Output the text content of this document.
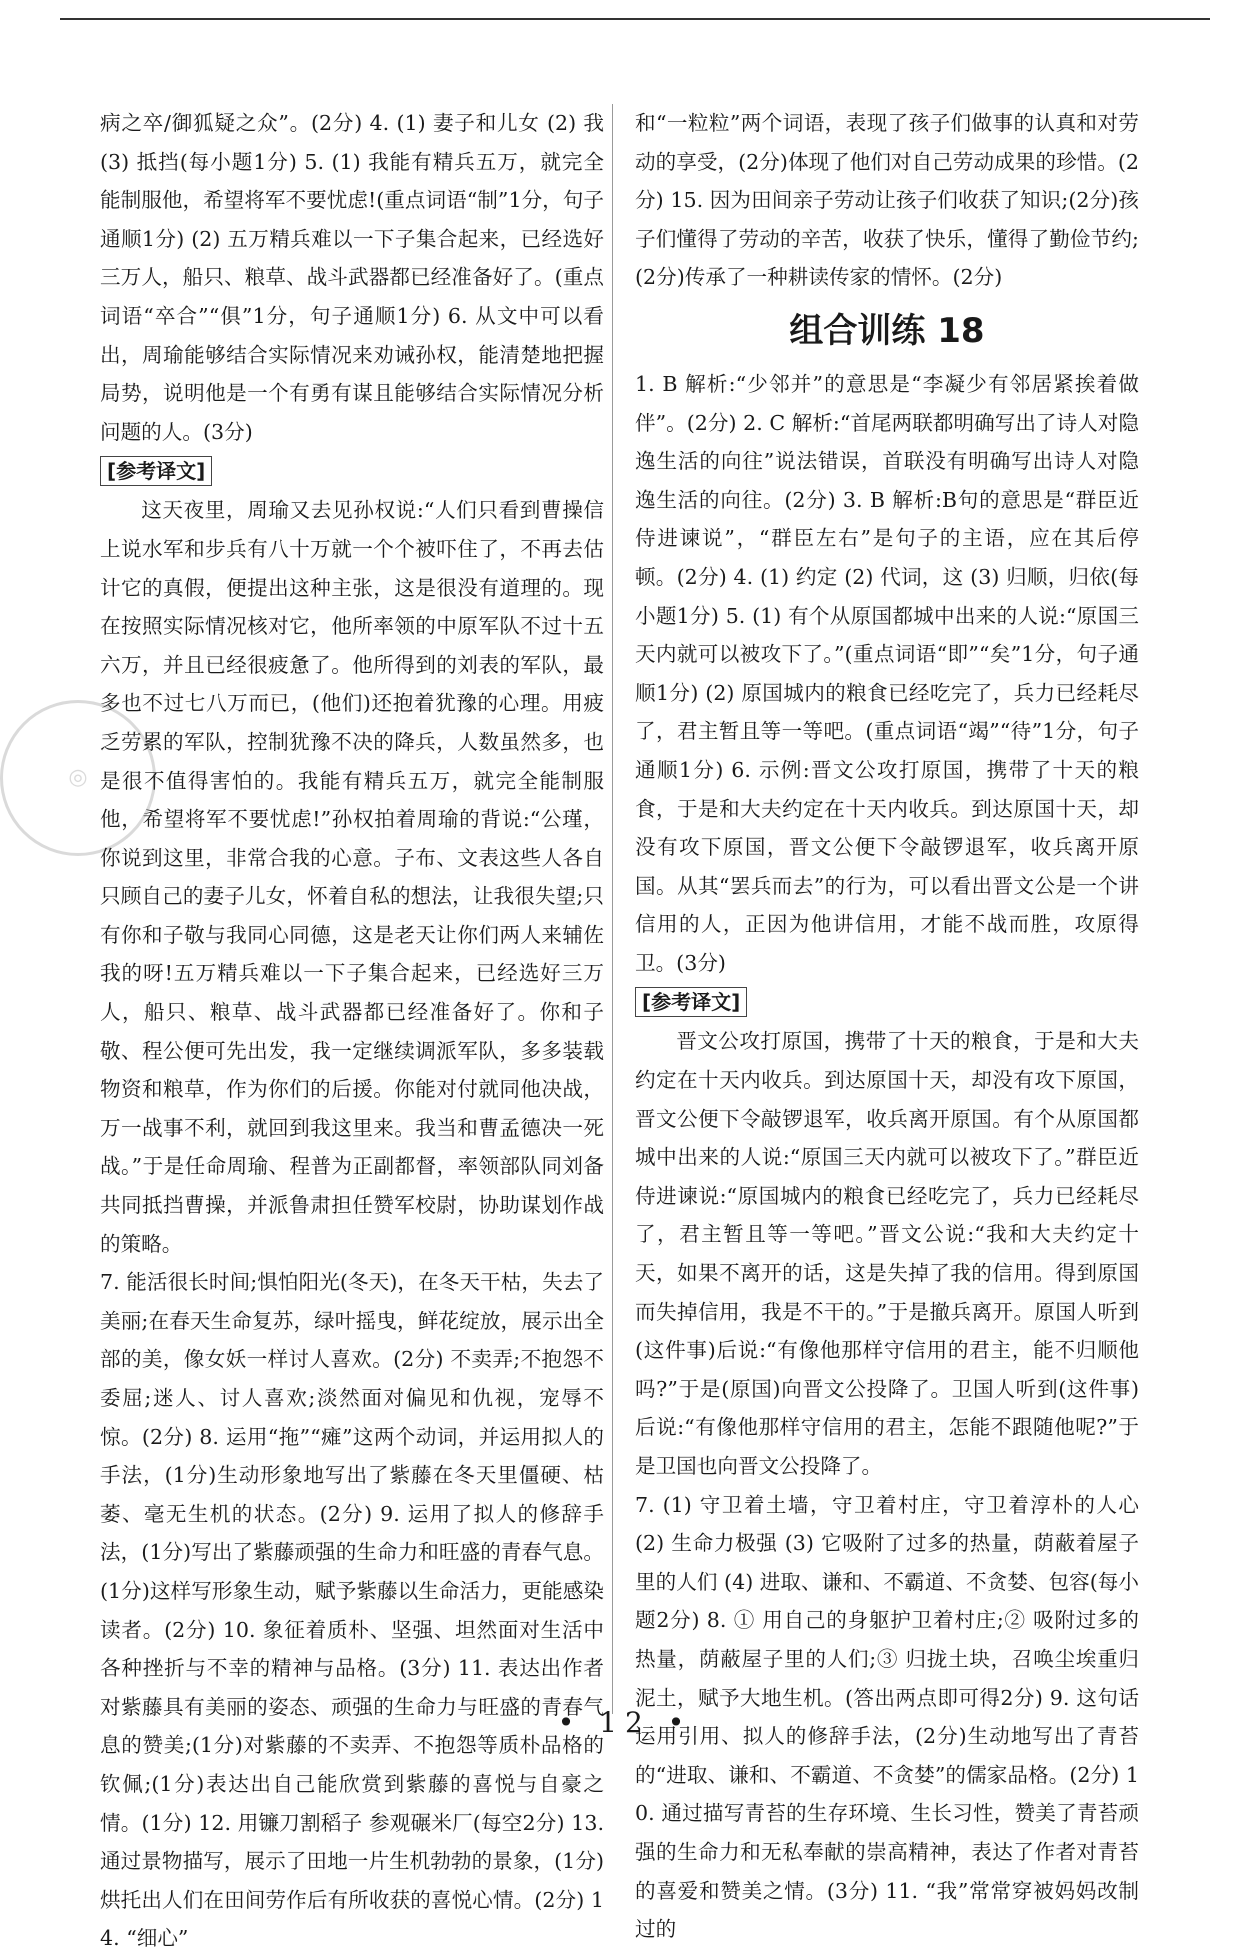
◎

病之卒/御狐疑之众”。(2分) 4. (1) 妻子和儿女 (2) 我 (3) 抵挡(每小题1分) 5. (1) 我能有精兵五万，就完全能制服他，希望将军不要忧虑!(重点词语“制”1分，句子通顺1分) (2) 五万精兵难以一下子集合起来，已经选好三万人，船只、粮草、战斗武器都已经准备好了。(重点词语“卒合”“俱”1分，句子通顺1分) 6. 从文中可以看出，周瑜能够结合实际情况来劝诫孙权，能清楚地把握局势，说明他是一个有勇有谋且能够结合实际情况分析问题的人。(3分)

[参考译文]

这天夜里，周瑜又去见孙权说:“人们只看到曹操信上说水军和步兵有八十万就一个个被吓住了，不再去估计它的真假，便提出这种主张，这是很没有道理的。现在按照实际情况核对它，他所率领的中原军队不过十五六万，并且已经很疲惫了。他所得到的刘表的军队，最多也不过七八万而已，(他们)还抱着犹豫的心理。用疲乏劳累的军队，控制犹豫不决的降兵，人数虽然多，也是很不值得害怕的。我能有精兵五万，就完全能制服他，希望将军不要忧虑!”孙权拍着周瑜的背说:“公瑾，你说到这里，非常合我的心意。子布、文表这些人各自只顾自己的妻子儿女，怀着自私的想法，让我很失望;只有你和子敬与我同心同德，这是老天让你们两人来辅佐我的呀!五万精兵难以一下子集合起来，已经选好三万人，船只、粮草、战斗武器都已经准备好了。你和子敬、程公便可先出发，我一定继续调派军队，多多装载物资和粮草，作为你们的后援。你能对付就同他决战，万一战事不利，就回到我这里来。我当和曹孟德决一死战。”于是任命周瑜、程普为正副都督，率领部队同刘备共同抵挡曹操，并派鲁肃担任赞军校尉，协助谋划作战的策略。

7. 能活很长时间;惧怕阳光(冬天)，在冬天干枯，失去了美丽;在春天生命复苏，绿叶摇曳，鲜花绽放，展示出全部的美，像女妖一样讨人喜欢。(2分) 不卖弄;不抱怨不委屈;迷人、讨人喜欢;淡然面对偏见和仇视，宠辱不惊。(2分) 8. 运用“拖”“瘫”这两个动词，并运用拟人的手法，(1分)生动形象地写出了紫藤在冬天里僵硬、枯萎、毫无生机的状态。(2分) 9. 运用了拟人的修辞手法，(1分)写出了紫藤顽强的生命力和旺盛的青春气息。(1分)这样写形象生动，赋予紫藤以生命活力，更能感染读者。(2分) 10. 象征着质朴、坚强、坦然面对生活中各种挫折与不幸的精神与品格。(3分) 11. 表达出作者对紫藤具有美丽的姿态、顽强的生命力与旺盛的青春气息的赞美;(1分)对紫藤的不卖弄、不抱怨等质朴品格的钦佩;(1分)表达出自己能欣赏到紫藤的喜悦与自豪之情。(1分) 12. 用镰刀割稻子 参观碾米厂(每空2分) 13. 通过景物描写，展示了田地一片生机勃勃的景象，(1分)烘托出人们在田间劳作后有所收获的喜悦心情。(2分) 14. “细心”

和“一粒粒”两个词语，表现了孩子们做事的认真和对劳动的享受，(2分)体现了他们对自己劳动成果的珍惜。(2分) 15. 因为田间亲子劳动让孩子们收获了知识;(2分)孩子们懂得了劳动的辛苦，收获了快乐，懂得了勤俭节约;(2分)传承了一种耕读传家的情怀。(2分)

组合训练 18

1. B 解析:“少邻并”的意思是“李凝少有邻居紧挨着做伴”。(2分) 2. C 解析:“首尾两联都明确写出了诗人对隐逸生活的向往”说法错误，首联没有明确写出诗人对隐逸生活的向往。(2分) 3. B 解析:B句的意思是“群臣近侍进谏说”，“群臣左右”是句子的主语，应在其后停顿。(2分) 4. (1) 约定 (2) 代词，这 (3) 归顺，归依(每小题1分) 5. (1) 有个从原国都城中出来的人说:“原国三天内就可以被攻下了。”(重点词语“即”“矣”1分，句子通顺1分) (2) 原国城内的粮食已经吃完了，兵力已经耗尽了，君主暂且等一等吧。(重点词语“竭”“待”1分，句子通顺1分) 6. 示例:晋文公攻打原国，携带了十天的粮食，于是和大夫约定在十天内收兵。到达原国十天，却没有攻下原国，晋文公便下令敲锣退军，收兵离开原国。从其“罢兵而去”的行为，可以看出晋文公是一个讲信用的人，正因为他讲信用，才能不战而胜，攻原得卫。(3分)

[参考译文]

晋文公攻打原国，携带了十天的粮食，于是和大夫约定在十天内收兵。到达原国十天，却没有攻下原国，晋文公便下令敲锣退军，收兵离开原国。有个从原国都城中出来的人说:“原国三天内就可以被攻下了。”群臣近侍进谏说:“原国城内的粮食已经吃完了，兵力已经耗尽了，君主暂且等一等吧。”晋文公说:“我和大夫约定十天，如果不离开的话，这是失掉了我的信用。得到原国而失掉信用，我是不干的。”于是撤兵离开。原国人听到(这件事)后说:“有像他那样守信用的君主，能不归顺他吗?”于是(原国)向晋文公投降了。卫国人听到(这件事)后说:“有像他那样守信用的君主，怎能不跟随他呢?”于是卫国也向晋文公投降了。

7. (1) 守卫着土墙，守卫着村庄，守卫着淳朴的人心 (2) 生命力极强 (3) 它吸附了过多的热量，荫蔽着屋子里的人们 (4) 进取、谦和、不霸道、不贪婪、包容(每小题2分) 8. ① 用自己的身躯护卫着村庄;② 吸附过多的热量，荫蔽屋子里的人们;③ 归拢土块，召唤尘埃重归泥土，赋予大地生机。(答出两点即可得2分) 9. 这句话运用引用、拟人的修辞手法，(2分)生动地写出了青苔的“进取、谦和、不霸道、不贪婪”的儒家品格。(2分) 10. 通过描写青苔的生存环境、生长习性，赞美了青苔顽强的生命力和无私奉献的崇高精神，表达了作者对青苔的喜爱和赞美之情。(3分) 11. “我”常常穿被妈妈改制过的

• 12 •
